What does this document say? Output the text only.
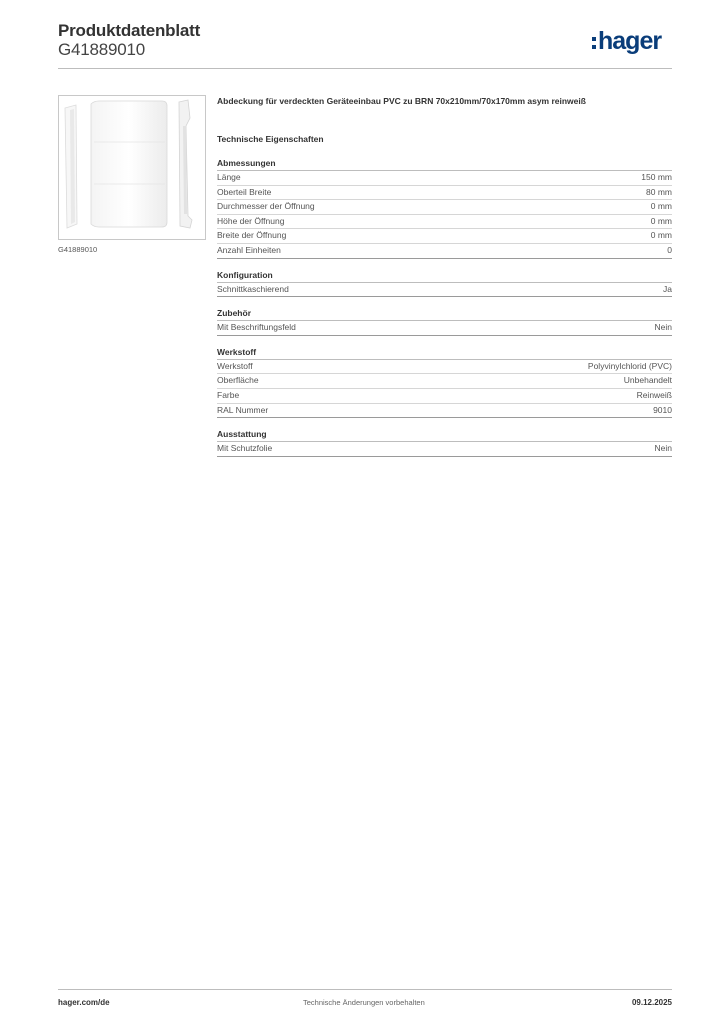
Produktdatenblatt
G41889010	hager
G41889010
Abdeckung für verdeckten Geräteeinbau PVC zu BRN 70x210mm/70x170mm asym reinweiß
Technische Eigenschaften
Abmessungen
Länge	150 mm
Oberteil Breite	80 mm
Durchmesser der Öffnung	0 mm
Höhe der Öffnung	0 mm
Breite der Öffnung	0 mm
Anzahl Einheiten	0
Konfiguration
Schnittkaschierend	Ja
Zubehör
Mit Beschriftungsfeld	Nein
Werkstoff
Werkstoff	Polyvinylchlorid (PVC)
Oberfläche	Unbehandelt
Farbe	Reinweiß
RAL Nummer	9010
Ausstattung
Mit Schutzfolie	Nein
hager.com/de	Technische Änderungen vorbehalten	09.12.2025
